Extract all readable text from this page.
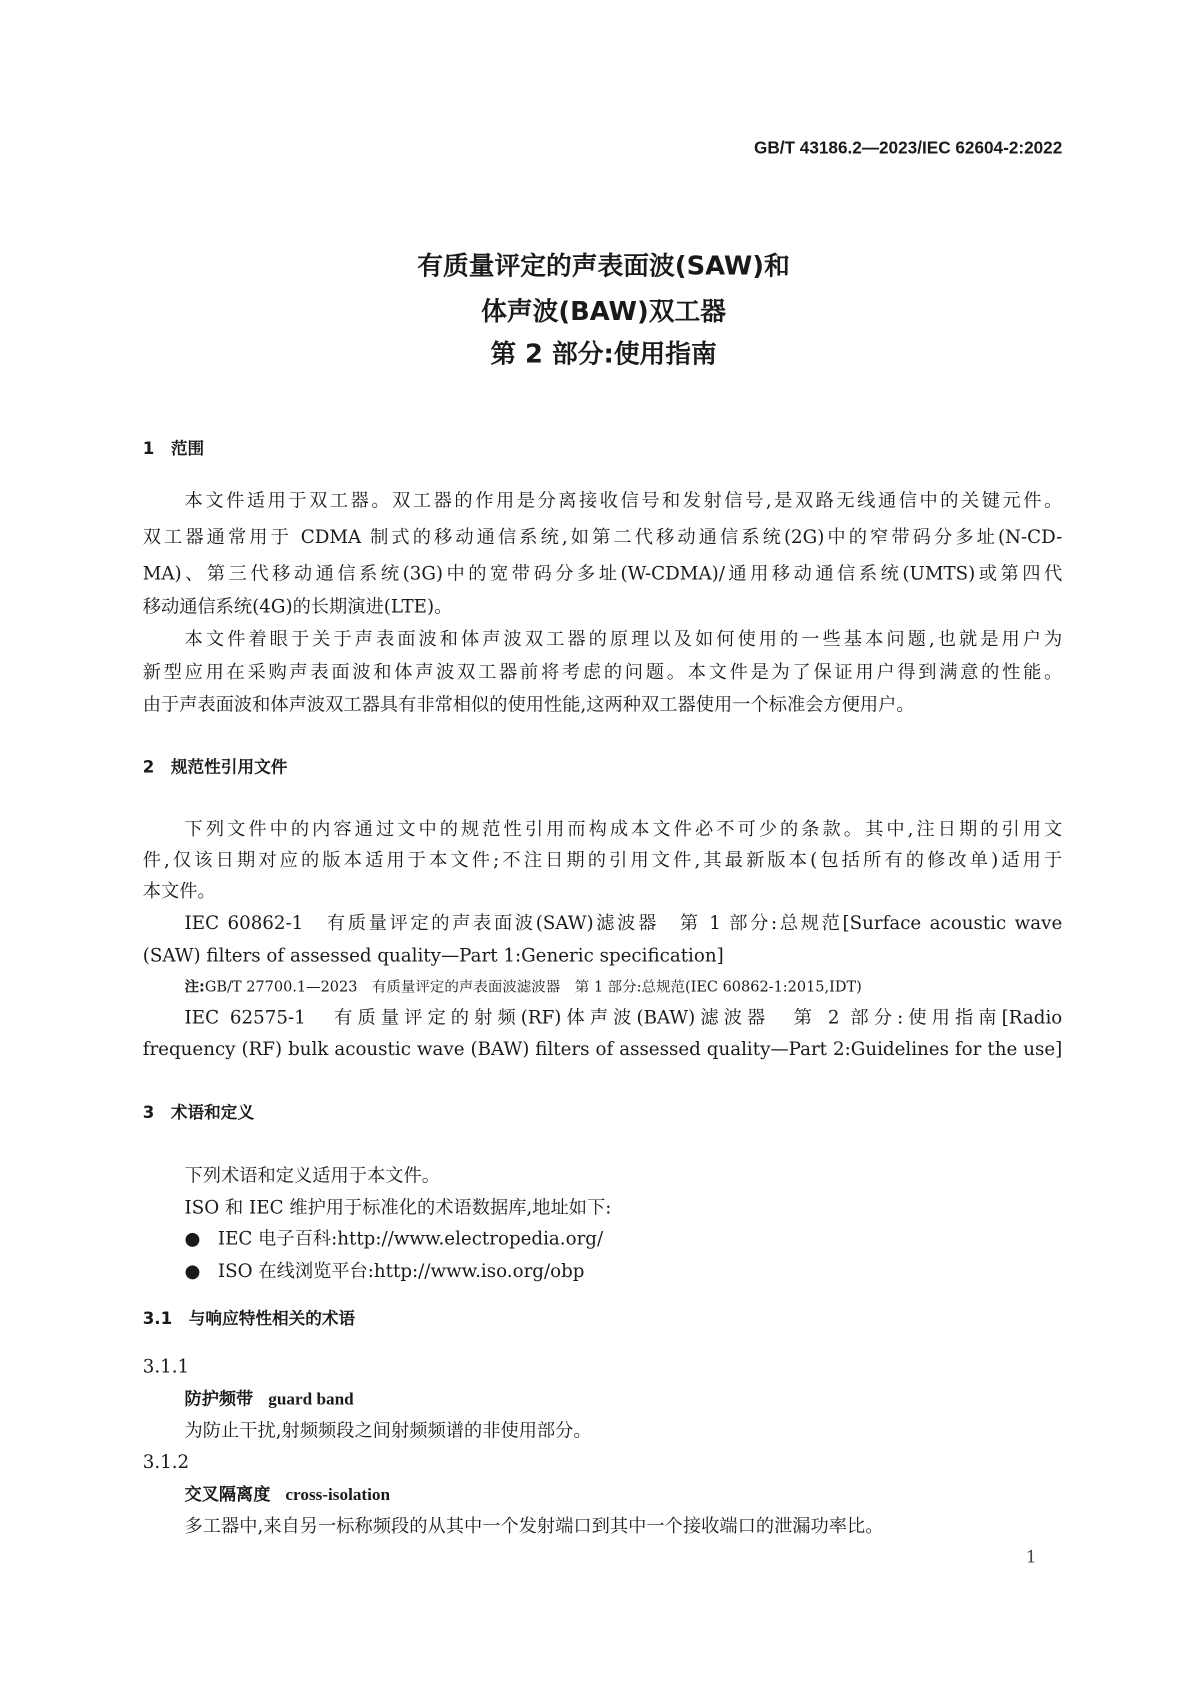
GB/T 43186.2—2023/IEC 62604-2:2022
有质量评定的声表面波(SAW)和
体声波(BAW)双工器
第 2 部分:使用指南
1　范围
本文件适用于双工器。双工器的作用是分离接收信号和发射信号,是双路无线通信中的关键元件。
双工器通常用于 CDMA 制式的移动通信系统,如第二代移动通信系统(2G)中的窄带码分多址(N-CD-
MA)、第三代移动通信系统(3G)中的宽带码分多址(W-CDMA)/通用移动通信系统(UMTS)或第四代
移动通信系统(4G)的长期演进(LTE)。
本文件着眼于关于声表面波和体声波双工器的原理以及如何使用的一些基本问题,也就是用户为
新型应用在采购声表面波和体声波双工器前将考虑的问题。本文件是为了保证用户得到满意的性能。
由于声表面波和体声波双工器具有非常相似的使用性能,这两种双工器使用一个标准会方便用户。
2　规范性引用文件
下列文件中的内容通过文中的规范性引用而构成本文件必不可少的条款。其中,注日期的引用文
件,仅该日期对应的版本适用于本文件;不注日期的引用文件,其最新版本(包括所有的修改单)适用于
本文件。
IEC 60862-1　有质量评定的声表面波(SAW)滤波器　第 1 部分:总规范[Surface acoustic wave
(SAW) filters of assessed quality—Part 1:Generic specification]
注:GB/T 27700.1—2023　有质量评定的声表面波滤波器　第 1 部分:总规范(IEC 60862-1:2015,IDT)
IEC 62575-1　有质量评定的射频(RF)体声波(BAW)滤波器　第 2 部分:使用指南[Radio
frequency (RF) bulk acoustic wave (BAW) filters of assessed quality—Part 2:Guidelines for the use]
3　术语和定义
下列术语和定义适用于本文件。
ISO 和 IEC 维护用于标准化的术语数据库,地址如下:
● IEC 电子百科:http://www.electropedia.org/
● ISO 在线浏览平台:http://www.iso.org/obp
3.1　与响应特性相关的术语
3.1.1
防护频带 guard band
为防止干扰,射频频段之间射频频谱的非使用部分。
3.1.2
交叉隔离度 cross-isolation
多工器中,来自另一标称频段的从其中一个发射端口到其中一个接收端口的泄漏功率比。
1
